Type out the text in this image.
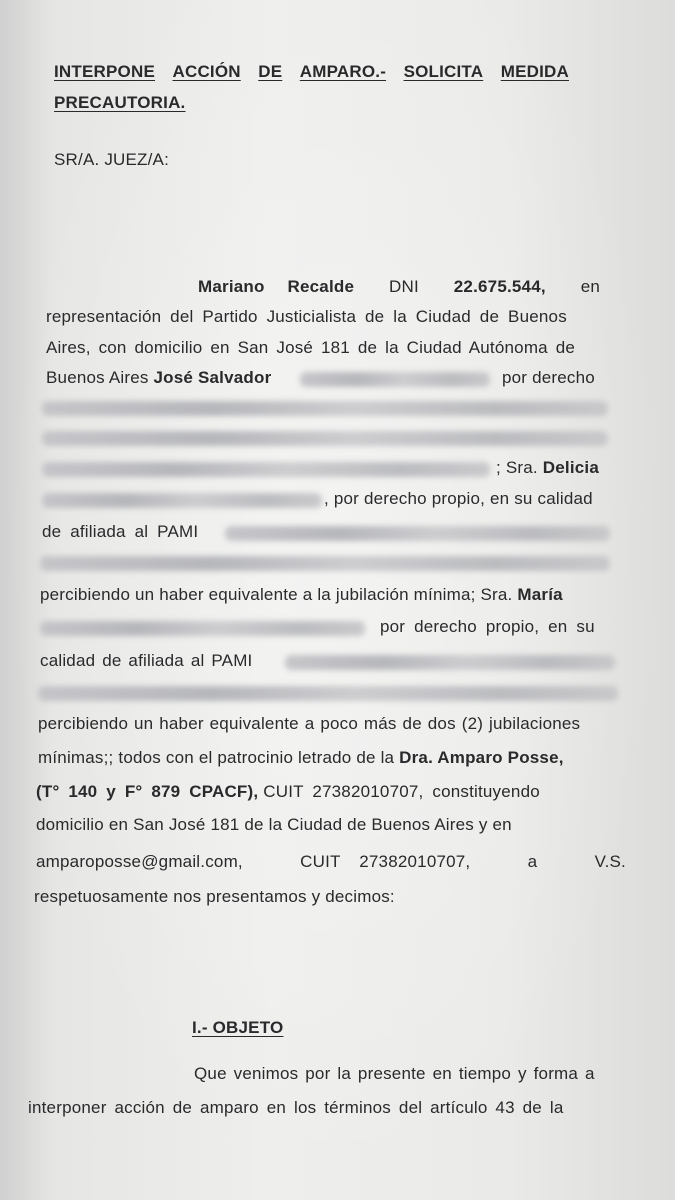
INTERPONE ACCIÓN DE AMPARO.- SOLICITA MEDIDA
PRECAUTORIA.
SR/A. JUEZ/A:
Mariano Recalde DNI 22.675.544, en
representación del Partido Justicialista de la Ciudad de Buenos
Aires, con domicilio en San José 181 de la Ciudad Autónoma de
Buenos Aires José Salvador	por derecho
; Sra. Delicia
, por derecho propio, en su calidad
de afiliada al PAMI
percibiendo un haber equivalente a la jubilación mínima; Sra. María
por derecho propio, en su
calidad de afiliada al PAMI
percibiendo un haber equivalente a poco más de dos (2) jubilaciones
mínimas;; todos con el patrocinio letrado de la Dra. Amparo Posse,
(T° 140 y F° 879 CPACF), CUIT 27382010707, constituyendo
domicilio en San José 181 de la Ciudad de Buenos Aires y en
amparoposse@gmail.com,	CUIT 27382010707,	a	V.S.
respetuosamente nos presentamos y decimos:
I.- OBJETO
Que venimos por la presente en tiempo y forma a
interponer acción de amparo en los términos del artículo 43 de la
